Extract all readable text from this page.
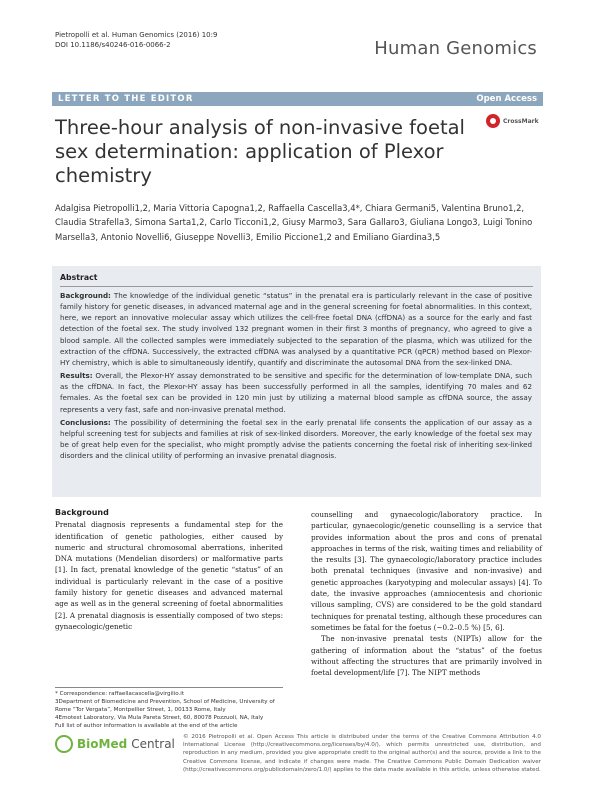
Pietropolli et al. Human Genomics (2016) 10:9
DOI 10.1186/s40246-016-0066-2	Human Genomics
LETTER TO THE EDITOR	Open Access
Three-hour analysis of non-invasive foetal sex determination: application of Plexor chemistry
CrossMark
Adalgisa Pietropolli1,2, Maria Vittoria Capogna1,2, Raffaella Cascella3,4*, Chiara Germani5, Valentina Bruno1,2, Claudia Strafella3, Simona Sarta1,2, Carlo Ticconi1,2, Giusy Marmo3, Sara Gallaro3, Giuliana Longo3, Luigi Tonino Marsella3, Antonio Novelli6, Giuseppe Novelli3, Emilio Piccione1,2 and Emiliano Giardina3,5
Abstract

Background: The knowledge of the individual genetic “status” in the prenatal era is particularly relevant in the case of positive family history for genetic diseases, in advanced maternal age and in the general screening for foetal abnormalities. In this context, here, we report an innovative molecular assay which utilizes the cell-free foetal DNA (cffDNA) as a source for the early and fast detection of the foetal sex. The study involved 132 pregnant women in their first 3 months of pregnancy, who agreed to give a blood sample. All the collected samples were immediately subjected to the separation of the plasma, which was utilized for the extraction of the cffDNA. Successively, the extracted cffDNA was analysed by a quantitative PCR (qPCR) method based on Plexor-HY chemistry, which is able to simultaneously identify, quantify and discriminate the autosomal DNA from the sex-linked DNA.

Results: Overall, the Plexor-HY assay demonstrated to be sensitive and specific for the determination of low-template DNA, such as the cffDNA. In fact, the Plexor-HY assay has been successfully performed in all the samples, identifying 70 males and 62 females. As the foetal sex can be provided in 120 min just by utilizing a maternal blood sample as cffDNA source, the assay represents a very fast, safe and non-invasive prenatal method.

Conclusions: The possibility of determining the foetal sex in the early prenatal life consents the application of our assay as a helpful screening test for subjects and families at risk of sex-linked disorders. Moreover, the early knowledge of the foetal sex may be of great help even for the specialist, who might promptly advise the patients concerning the foetal risk of inheriting sex-linked disorders and the clinical utility of performing an invasive prenatal diagnosis.

Background

Prenatal diagnosis represents a fundamental step for the identification of genetic pathologies, either caused by numeric and structural chromosomal aberrations, inherited DNA mutations (Mendelian disorders) or malformative parts [1]. In fact, prenatal knowledge of the genetic “status” of an individual is particularly relevant in the case of a positive family history for genetic diseases and advanced maternal age as well as in the general screening of foetal abnormalities [2]. A prenatal diagnosis is essentially composed of two steps: gynaecologic/genetic

counselling and gynaecologic/laboratory practice. In particular, gynaecologic/genetic counselling is a service that provides information about the pros and cons of prenatal approaches in terms of the risk, waiting times and reliability of the results [3]. The gynaecologic/laboratory practice includes both prenatal techniques (invasive and non-invasive) and genetic approaches (karyotyping and molecular assays) [4]. To date, the invasive approaches (amniocentesis and chorionic villous sampling, CVS) are considered to be the gold standard techniques for prenatal testing, although these procedures can sometimes be fatal for the foetus (~0.2–0.5 %) [5, 6].

The non-invasive prenatal tests (NIPTs) allow for the gathering of information about the “status” of the foetus without affecting the structures that are primarily involved in foetal development/life [7]. The NIPT methods

* Correspondence: raffaellacascella@virgilio.it

3Department of Biomedicine and Prevention, School of Medicine, University of Rome “Tor Vergata”, Montpellier Street, 1, 00133 Rome, Italy

4Emotest Laboratory, Via Mula Pareta Street, 60, 80078 Pozzuoli, NA, Italy

Full list of author information is available at the end of the article

BioMed Central © 2016 Pietropolli et al. Open Access This article is distributed under the terms of the Creative Commons Attribution 4.0 International License (http://creativecommons.org/licenses/by/4.0/), which permits unrestricted use, distribution, and reproduction in any medium, provided you give appropriate credit to the original author(s) and the source, provide a link to the Creative Commons license, and indicate if changes were made. The Creative Commons Public Domain Dedication waiver (http://creativecommons.org/publicdomain/zero/1.0/) applies to the data made available in this article, unless otherwise stated.
